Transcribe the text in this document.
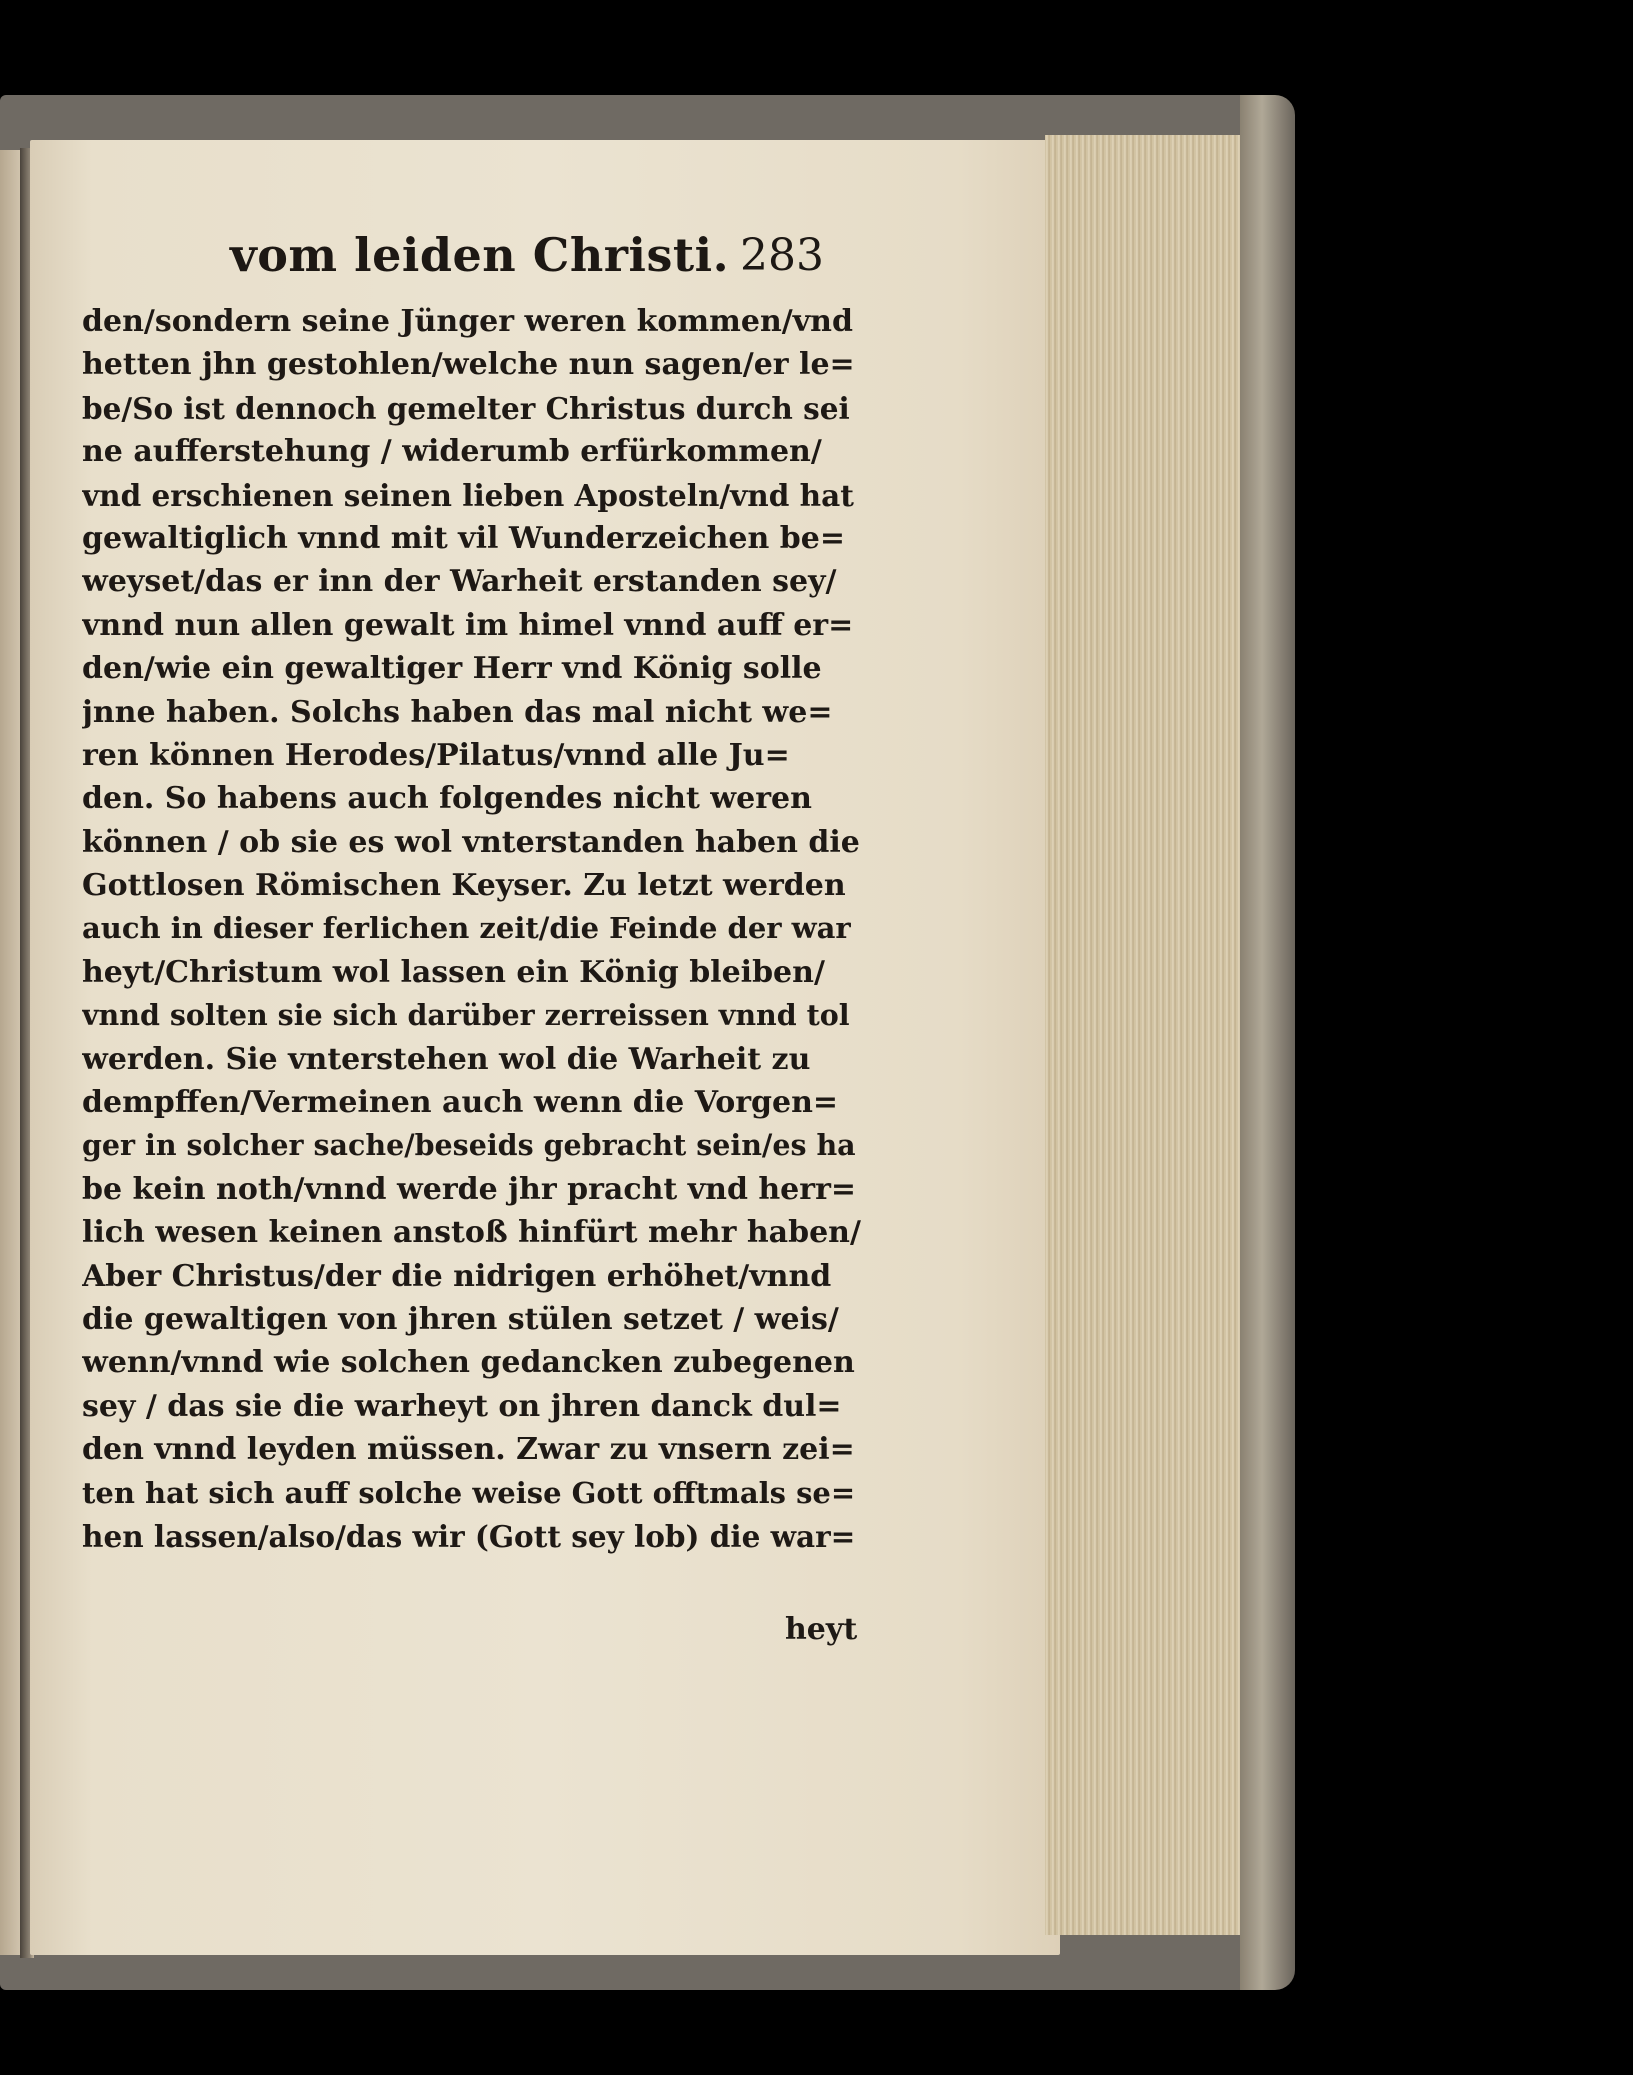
vom leiden Christi. 283
den/sondern seine Jünger weren kommen/vnd
hetten jhn gestohlen/welche nun sagen/er le=
be/So ist dennoch gemelter Christus durch sei
ne aufferstehung / widerumb erfürkommen/
vnd erschienen seinen lieben Aposteln/vnd hat
gewaltiglich vnnd mit vil Wunderzeichen be=
weyset/das er inn der Warheit erstanden sey/
vnnd nun allen gewalt im himel vnnd auff er=
den/wie ein gewaltiger Herr vnd König solle
jnne haben. Solchs haben das mal nicht we=
ren können Herodes/Pilatus/vnnd alle Ju=
den. So habens auch folgendes nicht weren
können / ob sie es wol vnterstanden haben die
Gottlosen Römischen Keyser. Zu letzt werden
auch in dieser ferlichen zeit/die Feinde der war
heyt/Christum wol lassen ein König bleiben/
vnnd solten sie sich darüber zerreissen vnnd tol
werden. Sie vnterstehen wol die Warheit zu
dempffen/Vermeinen auch wenn die Vorgen=
ger in solcher sache/beseids gebracht sein/es ha
be kein noth/vnnd werde jhr pracht vnd herr=
lich wesen keinen anstoß hinfürt mehr haben/
Aber Christus/der die nidrigen erhöhet/vnnd
die gewaltigen von jhren stülen setzet / weis/
wenn/vnnd wie solchen gedancken zubegenen
sey / das sie die warheyt on jhren danck dul=
den vnnd leyden müssen. Zwar zu vnsern zei=
ten hat sich auff solche weise Gott offtmals se=
hen lassen/also/das wir (Gott sey lob) die war=
heyt
